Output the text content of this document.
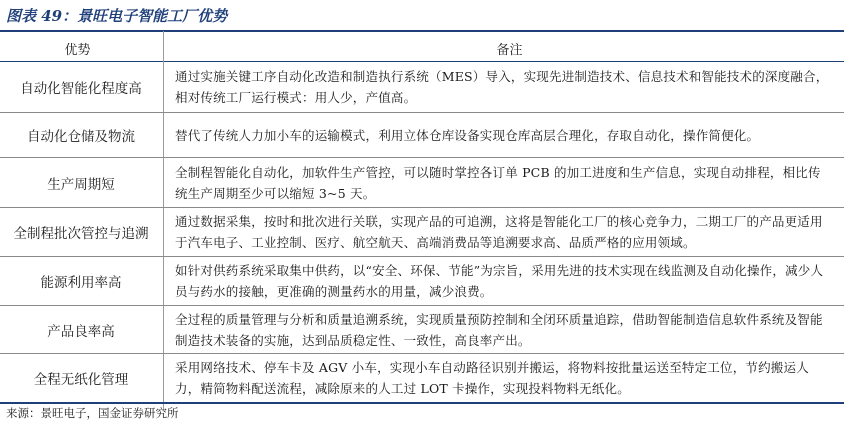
图表 49：景旺电子智能工厂优势
优势	备注
自动化智能化程度高
通过实施关键工序自动化改造和制造执行系统（MES）导入，实现先进制造技术、信息技术和智能技术的深度融合，相对传统工厂运行模式：用人少，产值高。
自动化仓储及物流	替代了传统人力加小车的运输模式，利用立体仓库设备实现仓库高层合理化，存取自动化，操作简便化。
生产周期短
全制程智能化自动化，加软件生产管控，可以随时掌控各订单 PCB 的加工进度和生产信息，实现自动排程，相比传统生产周期至少可以缩短 3~5 天。
全制程批次管控与追溯
通过数据采集，按时和批次进行关联，实现产品的可追溯，这将是智能化工厂的核心竞争力，二期工厂的产品更适用于汽车电子、工业控制、医疗、航空航天、高端消费品等追溯要求高、品质严格的应用领域。
能源利用率高
如针对供药系统采取集中供药，以“安全、环保、节能”为宗旨，采用先进的技术实现在线监测及自动化操作，减少人员与药水的接触，更准确的测量药水的用量，减少浪费。
产品良率高
全过程的质量管理与分析和质量追溯系统，实现质量预防控制和全闭环质量追踪，借助智能制造信息软件系统及智能制造技术装备的实施，达到品质稳定性、一致性，高良率产出。
全程无纸化管理
采用网络技术、停车卡及 AGV 小车，实现小车自动路径识别并搬运，将物料按批量运送至特定工位，节约搬运人力，精简物料配送流程，减除原来的人工过 LOT 卡操作，实现投料物料无纸化。
来源：景旺电子，国金证券研究所
